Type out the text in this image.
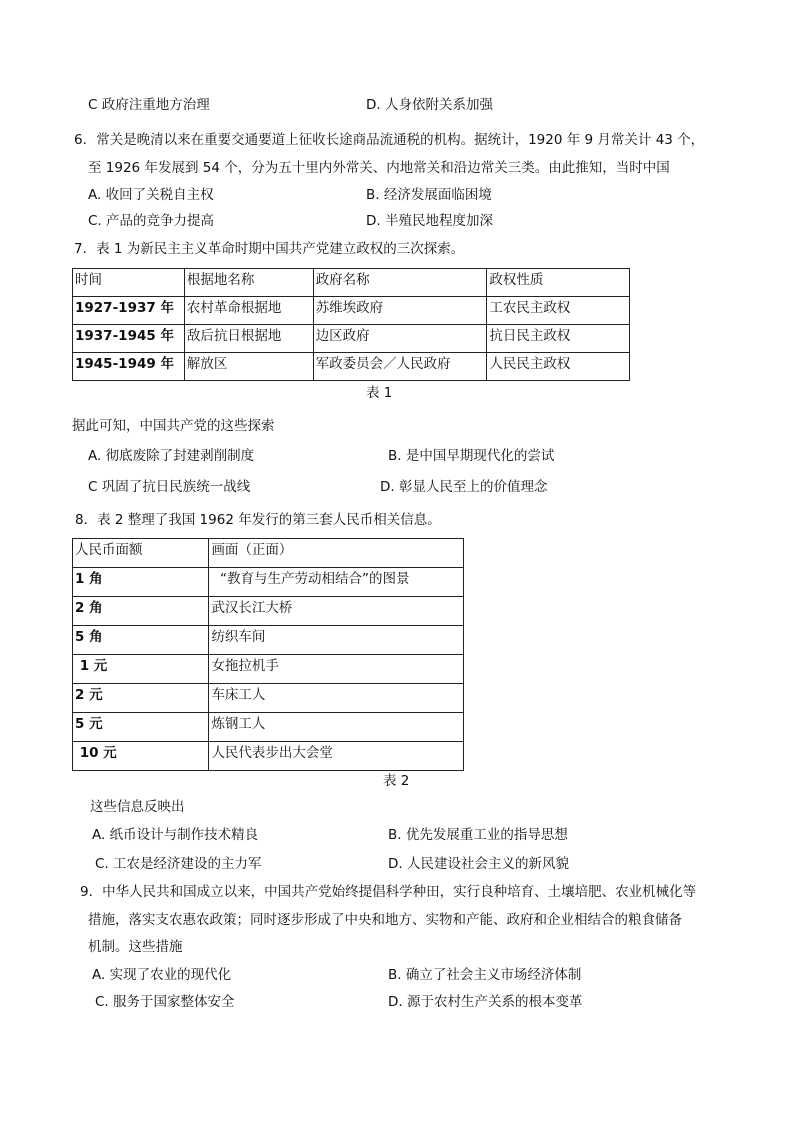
C 政府注重地方治理	D. 人身依附关系加强
6．常关是晚清以来在重要交通要道上征收长途商品流通税的机构。据统计，1920 年 9 月常关计 43 个，
至 1926 年发展到 54 个，分为五十里内外常关、内地常关和沿边常关三类。由此推知，当时中国
A. 收回了关税自主权	B. 经济发展面临困境
C. 产品的竞争力提高	D. 半殖民地程度加深
7．表 1 为新民主主义革命时期中国共产党建立政权的三次探索。
时间	根据地名称	政府名称	政权性质
1927-1937 年	农村革命根据地	苏维埃政府	工农民主政权
1937-1945 年	敌后抗日根据地	边区政府	抗日民主政权
1945-1949 年	解放区	军政委员会／人民政府	人民民主政权
表 1
据此可知，中国共产党的这些探索
A. 彻底废除了封建剥削制度	B. 是中国早期现代化的尝试
C 巩固了抗日民族统一战线	D. 彰显人民至上的价值理念
8．表 2 整理了我国 1962 年发行的第三套人民币相关信息。
人民币面额	画面（正面）
1 角	“教育与生产劳动相结合”的图景
2 角	武汉长江大桥
5 角	纺织车间
1 元	女拖拉机手
2 元	车床工人
5 元	炼钢工人
10 元	人民代表步出大会堂
表 2
这些信息反映出
A. 纸币设计与制作技术精良	B. 优先发展重工业的指导思想
C. 工农是经济建设的主力军	D. 人民建设社会主义的新风貌
9．中华人民共和国成立以来，中国共产党始终提倡科学种田，实行良种培育、土壤培肥、农业机械化等
措施，落实支农惠农政策；同时逐步形成了中央和地方、实物和产能、政府和企业相结合的粮食储备
机制。这些措施
A. 实现了农业的现代化	B. 确立了社会主义市场经济体制
C. 服务于国家整体安全	D. 源于农村生产关系的根本变革
